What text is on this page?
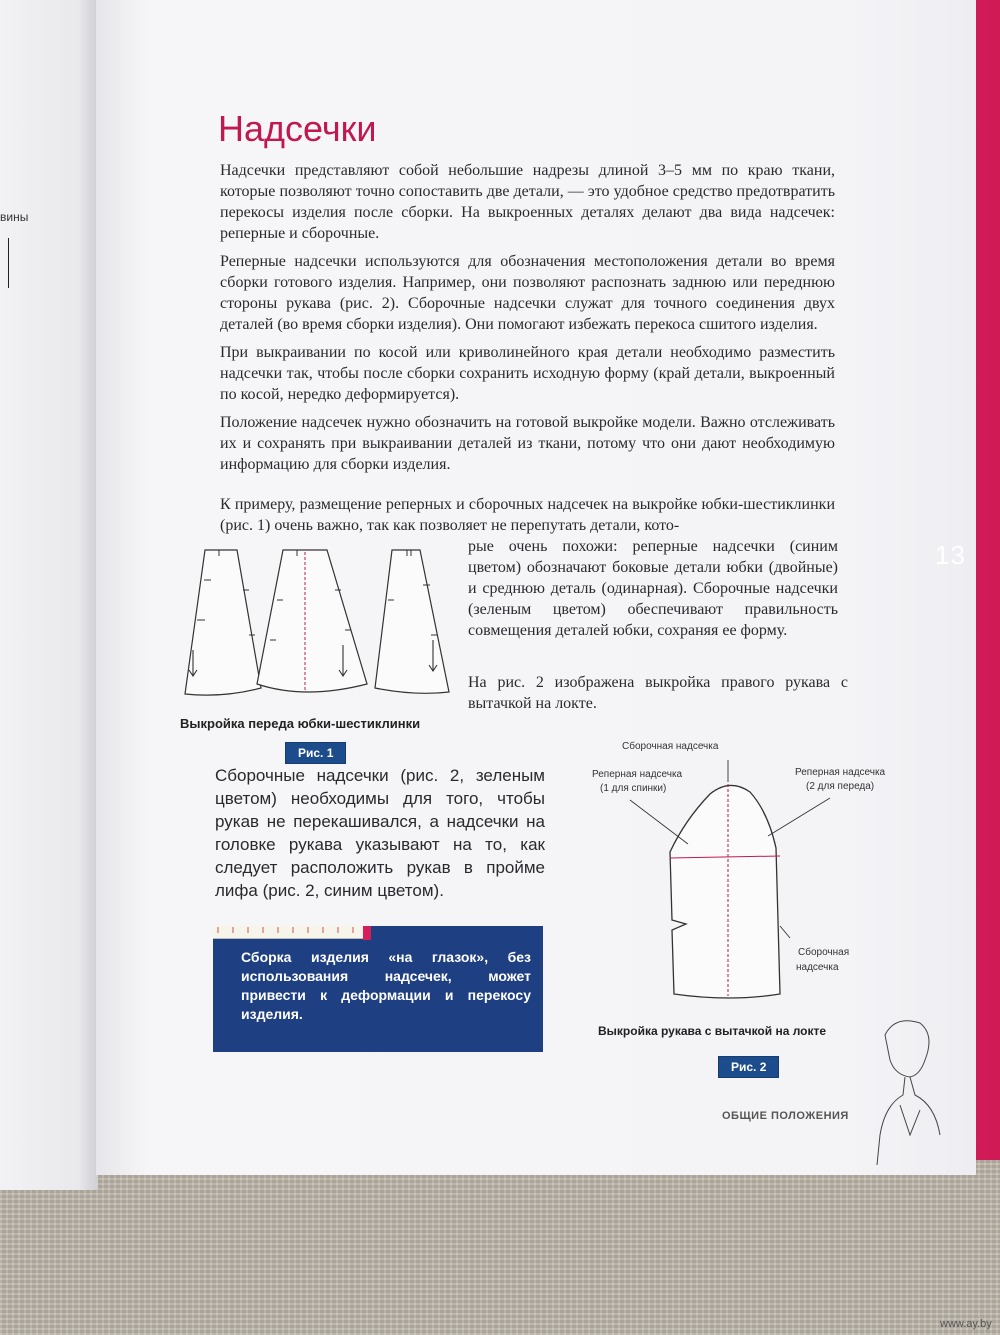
вины
Надсечки

Надсечки представляют собой небольшие надрезы длиной 3–5 мм по краю ткани, которые позволяют точно сопоставить две детали, — это удобное средство предотвратить перекосы изделия после сборки. На выкроенных деталях делают два вида надсечек: реперные и сборочные.

Реперные надсечки используются для обозначения местоположения детали во время сборки готового изделия. Например, они позволяют распознать заднюю или переднюю стороны рукава (рис. 2). Сборочные надсечки служат для точного соединения двух деталей (во время сборки изделия). Они помогают избежать перекоса сшитого изделия.

При выкраивании по косой или криволинейного края детали необходимо разместить надсечки так, чтобы после сборки сохранить исходную форму (край детали, выкроенный по косой, нередко деформируется).

Положение надсечек нужно обозначить на готовой выкройке модели. Важно отслеживать их и сохранять при выкраивании деталей из ткани, потому что они дают необходимую информацию для сборки изделия.

К примеру, размещение реперных и сборочных надсечек на выкройке юбки-шестиклинки (рис. 1) очень важно, так как позволяет не перепутать детали, кото-

рые очень похожи: реперные надсечки (синим цветом) обозначают боковые детали юбки (двойные) и среднюю деталь (одинарная). Сборочные надсечки (зеленым цветом) обеспечивают правильность совмещения деталей юбки, сохраняя ее форму.

На рис. 2 изображена выкройка правого рукава с вытачкой на локте.

Выкройка переда юбки-шестиклинки
Рис. 1

Сборочные надсечки (рис. 2, зеленым цветом) необходимы для того, чтобы рукав не перекашивался, а надсечки на головке рукава указывают на то, как следует расположить рукав в пройме лифа (рис. 2, синим цветом).

Сборка изделия «на глазок», без использования надсечек, может привести к деформации и перекосу изделия.
Сборочная надсечка
Реперная надсечка
(1 для спинки)
Реперная надсечка
(2 для переда)
Сборочная
надсечка
Выкройка рукава с вытачкой на локте
Рис. 2
13
ОБЩИЕ ПОЛОЖЕНИЯ
www.ay.by
